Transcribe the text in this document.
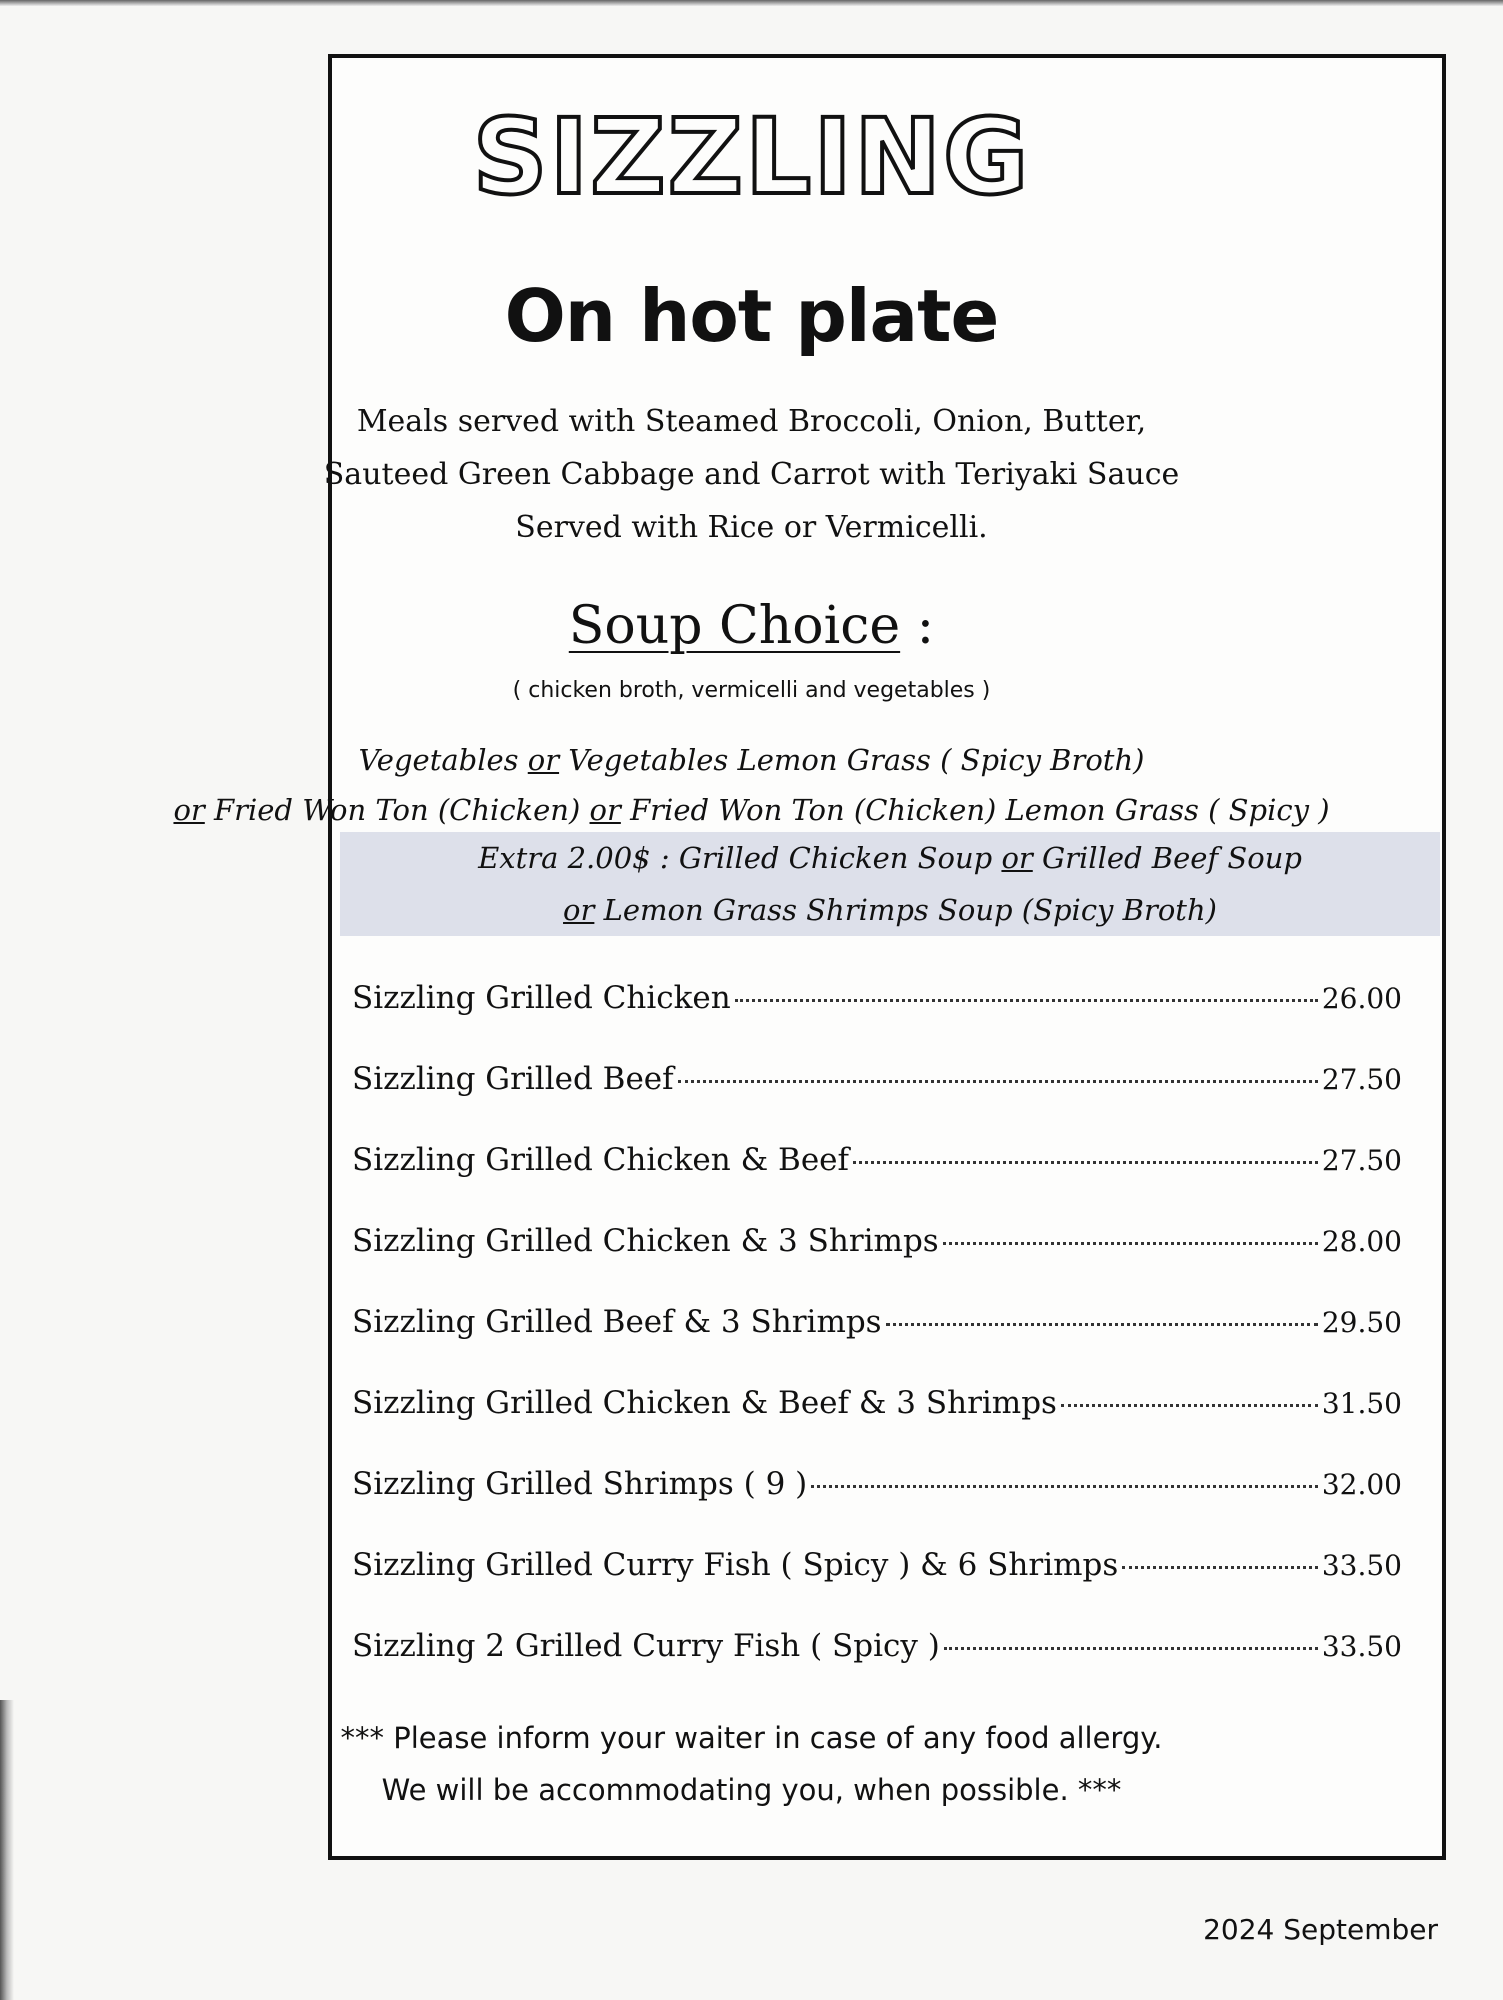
SIZZLING
On hot plate
Meals served with Steamed Broccoli, Onion, Butter,
Sauteed Green Cabbage and Carrot with Teriyaki Sauce
Served with Rice or Vermicelli.
Soup Choice :
( chicken broth, vermicelli and vegetables )
Vegetables or Vegetables Lemon Grass ( Spicy Broth)
or Fried Won Ton (Chicken) or Fried Won Ton (Chicken) Lemon Grass ( Spicy )
Extra 2.00$ : Grilled Chicken Soup or Grilled Beef Soup
or Lemon Grass Shrimps Soup (Spicy Broth)
Sizzling Grilled Chicken	26.00
Sizzling Grilled Beef	27.50
Sizzling Grilled Chicken & Beef	27.50
Sizzling Grilled Chicken & 3 Shrimps	28.00
Sizzling Grilled Beef & 3 Shrimps	29.50
Sizzling Grilled Chicken & Beef & 3 Shrimps	31.50
Sizzling Grilled Shrimps ( 9 )	32.00
Sizzling Grilled Curry Fish ( Spicy ) & 6 Shrimps	33.50
Sizzling 2 Grilled Curry Fish ( Spicy )	33.50
*** Please inform your waiter in case of any food allergy.
We will be accommodating you, when possible. ***
2024 September
